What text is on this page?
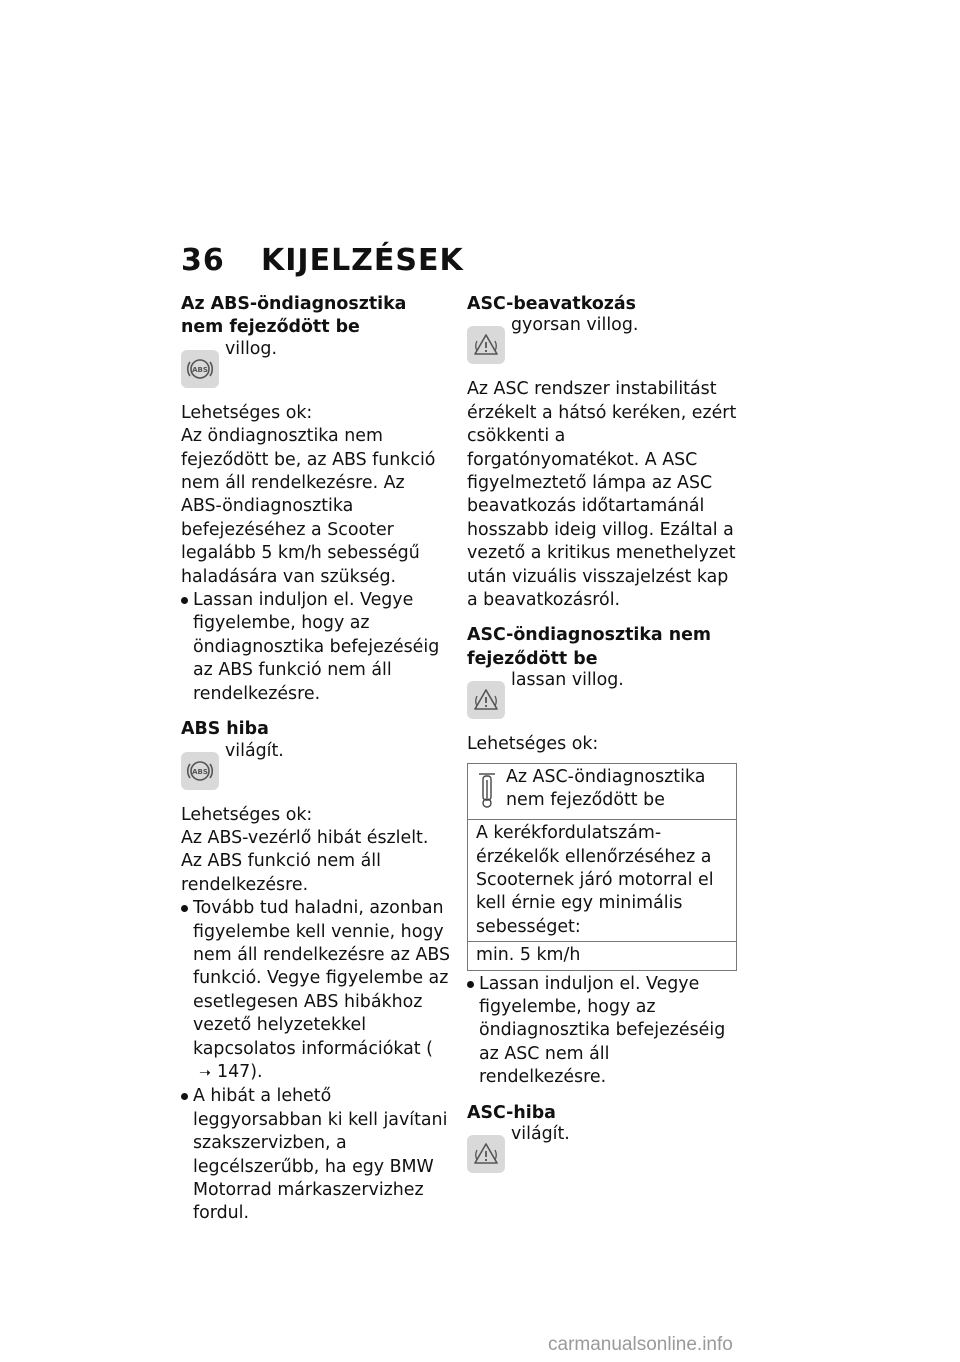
36 KIJELZÉSEK

Az ABS-öndiagnosztika nem fejeződött be

ABS
villog.

Lehetséges ok:

Az öndiagnosztika nem fejeződött be, az ABS funkció nem áll rendelkezésre. Az ABS-öndiagnosztika befejezéséhez a Scooter legalább 5 km/h sebességű haladására van szükség.

Lassan induljon el. Vegye figyelembe, hogy az öndiagnosztika befejezéséig az ABS funkció nem áll rendelkezésre.

ABS hiba

ABS
világít.

Lehetséges ok:

Az ABS-vezérlő hibát észlelt. Az ABS funkció nem áll rendelkezésre.

Tovább tud haladni, azonban figyelembe kell vennie, hogy nem áll rendelkezésre az ABS funkció. Vegye figyelembe az esetlegesen ABS hibákhoz vezető helyzetekkel kapcsolatos információkat (➝ 147).

A hibát a lehető leggyorsabban ki kell javítani szakszervizben, a legcélszerűbb, ha egy BMW Motorrad márkaszervizhez fordul.

ASC-beavatkozás

gyorsan villog.

Az ASC rendszer instabilitást érzékelt a hátsó keréken, ezért csökkenti a forgatónyomatékot. A ASC figyelmeztető lámpa az ASC beavatkozás időtartamánál hosszabb ideig villog. Ezáltal a vezető a kritikus menethelyzet után vizuális visszajelzést kap a beavatkozásról.

ASC-öndiagnosztika nem fejeződött be

lassan villog.

Lehetséges ok:

Az ASC-öndiagnosztika nem fejeződött be

A kerékfordulatszám-érzékelők ellenőrzéséhez a Scooternek járó motorral el kell érnie egy minimális sebességet:
min. 5 km/h

Lassan induljon el. Vegye figyelembe, hogy az öndiagnosztika befejezéséig az ASC nem áll rendelkezésre.

ASC-hiba

világít.
carmanualsonline.info
